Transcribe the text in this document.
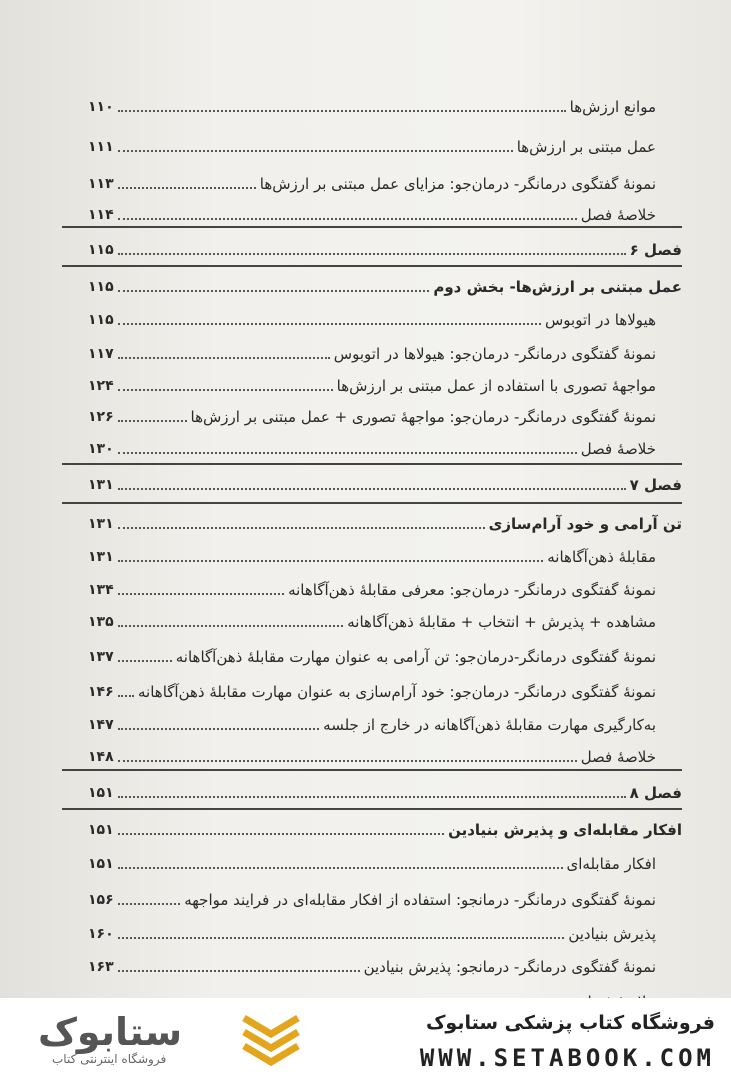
موانع ارزش‌ها
۱۱۰
عمل مبتنی بر ارزش‌ها
۱۱۱
نمونهٔ گفتگوی درمانگر- درمان‌جو: مزایای عمل مبتنی بر ارزش‌ها
۱۱۳
خلاصهٔ فصل
۱۱۴
فصل ۶
۱۱۵
عمل مبتنی بر ارزش‌ها- بخش دوم
۱۱۵
هیولاها در اتوبوس
۱۱۵
نمونهٔ گفتگوی درمانگر- درمان‌جو: هیولاها در اتوبوس
۱۱۷
مواجههٔ تصوری با استفاده از عمل مبتنی بر ارزش‌ها
۱۲۴
نمونهٔ گفتگوی درمانگر- درمان‌جو: مواجههٔ تصوری + عمل مبتنی بر ارزش‌ها
۱۲۶
خلاصهٔ فصل
۱۳۰
فصل ۷
۱۳۱
تن آرامی و خود آرام‌سازی
۱۳۱
مقابلهٔ ذهن‌آگاهانه
۱۳۱
نمونهٔ گفتگوی درمانگر- درمان‌جو: معرفی مقابلهٔ ذهن‌آگاهانه
۱۳۴
مشاهده + پذیرش + انتخاب + مقابلهٔ ذهن‌آگاهانه
۱۳۵
نمونهٔ گفتگوی درمانگر-درمان‌جو: تن آرامی به عنوان مهارت مقابلهٔ ذهن‌آگاهانه
۱۳۷
نمونهٔ گفتگوی درمانگر- درمان‌جو: خود آرام‌سازی به عنوان مهارت مقابلهٔ ذهن‌آگاهانه
۱۴۶
به‌کارگیری مهارت مقابلهٔ ذهن‌آگاهانه در خارج از جلسه
۱۴۷
خلاصهٔ فصل
۱۴۸
فصل ۸
۱۵۱
افکار مقابله‌ای و پذیرش بنیادین
۱۵۱
افکار مقابله‌ای
۱۵۱
نمونهٔ گفتگوی درمانگر- درمانجو: استفاده از افکار مقابله‌ای در فرایند مواجهه
۱۵۶
پذیرش بنیادین
۱۶۰
نمونهٔ گفتگوی درمانگر- درمانجو: پذیرش بنیادین
۱۶۳
ستابوک
فروشگاه اینترنتی کتاب
فروشگاه کتاب پزشکی ستابوک
WWW.SETABOOK.COM
